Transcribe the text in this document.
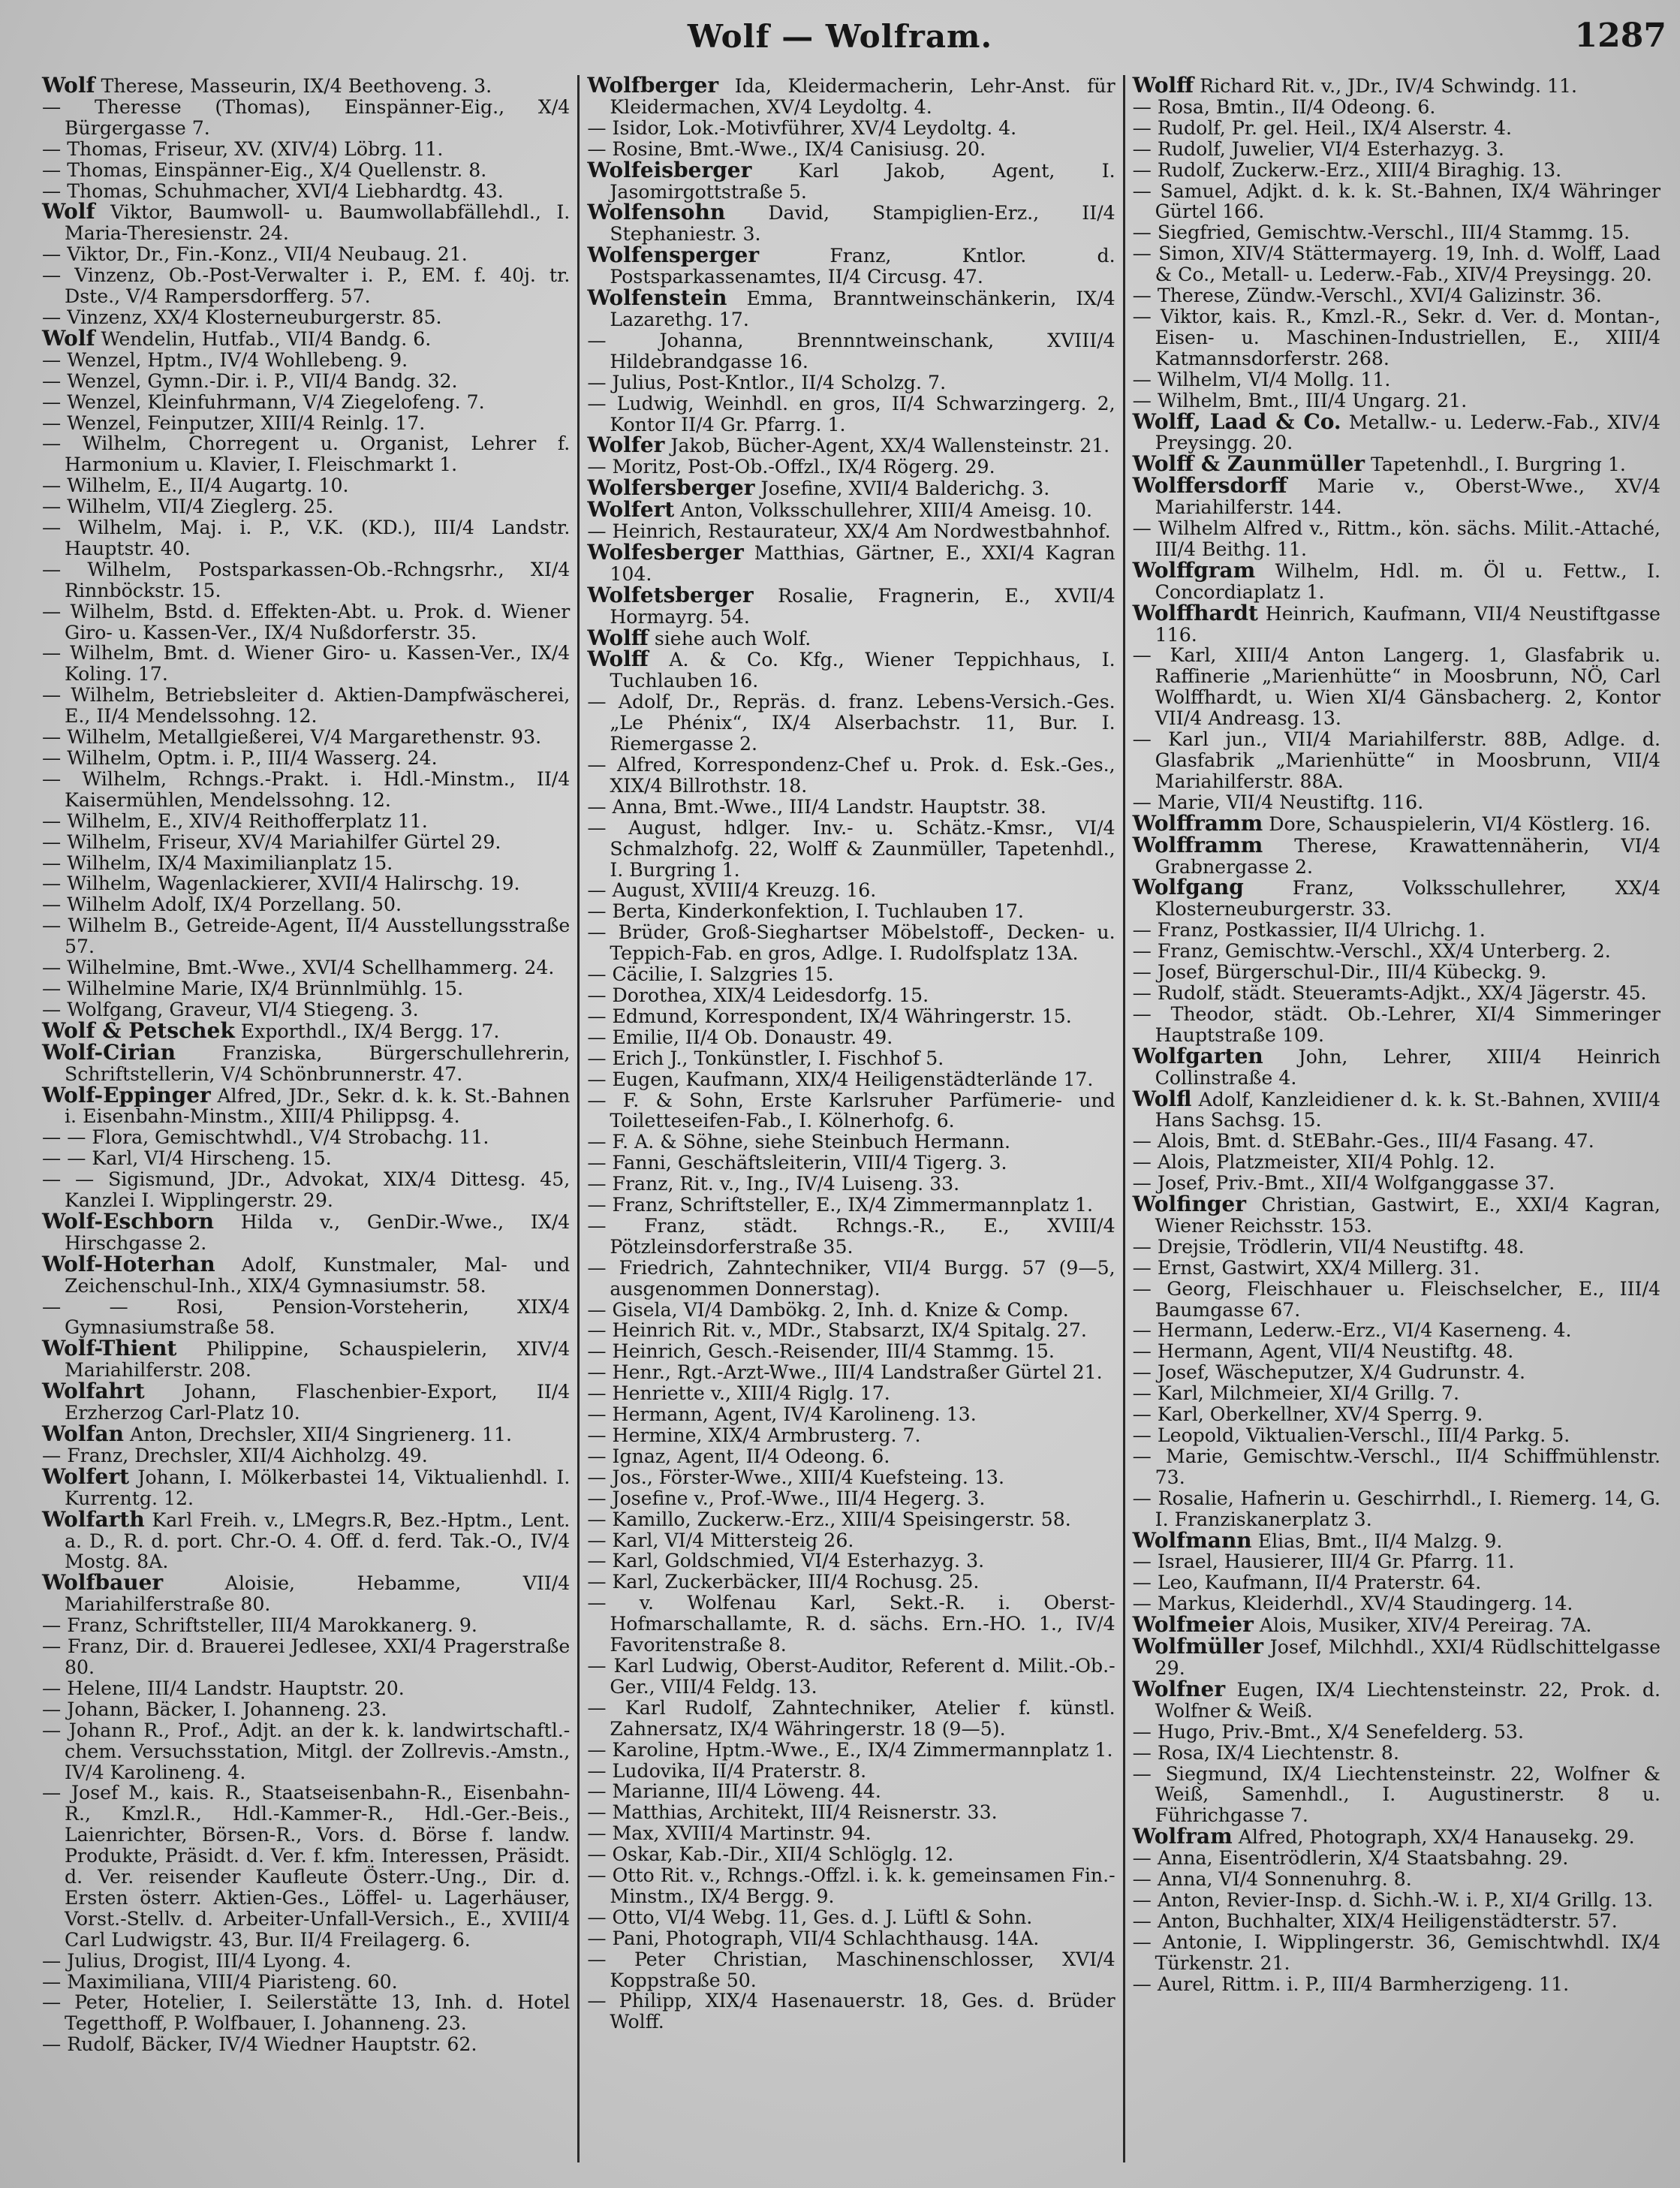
Wolf — Wolfram.	1287

Wolf Therese, Masseurin, IX/4 Beethoveng. 3.

— Theresse (Thomas), Einspänner-Eig., X/4 Bürgergasse 7.

— Thomas, Friseur, XV. (XIV/4) Löbrg. 11.

— Thomas, Einspänner-Eig., X/4 Quellenstr. 8.

— Thomas, Schuhmacher, XVI/4 Liebhardtg. 43.

Wolf Viktor, Baumwoll- u. Baumwollabfällehdl., I. Maria-Theresienstr. 24.

— Viktor, Dr., Fin.-Konz., VII/4 Neubaug. 21.

— Vinzenz, Ob.-Post-Verwalter i. P., EM. f. 40j. tr. Dste., V/4 Rampersdorfferg. 57.

— Vinzenz, XX/4 Klosterneuburgerstr. 85.

Wolf Wendelin, Hutfab., VII/4 Bandg. 6.

— Wenzel, Hptm., IV/4 Wohllebeng. 9.

— Wenzel, Gymn.-Dir. i. P., VII/4 Bandg. 32.

— Wenzel, Kleinfuhrmann, V/4 Ziegelofeng. 7.

— Wenzel, Feinputzer, XIII/4 Reinlg. 17.

— Wilhelm, Chorregent u. Organist, Lehrer f. Harmonium u. Klavier, I. Fleischmarkt 1.

— Wilhelm, E., II/4 Augartg. 10.

— Wilhelm, VII/4 Zieglerg. 25.

— Wilhelm, Maj. i. P., V.K. (KD.), III/4 Landstr. Hauptstr. 40.

— Wilhelm, Postsparkassen-Ob.-Rchngsrhr., XI/4 Rinnböckstr. 15.

— Wilhelm, Bstd. d. Effekten-Abt. u. Prok. d. Wiener Giro- u. Kassen-Ver., IX/4 Nußdorferstr. 35.

— Wilhelm, Bmt. d. Wiener Giro- u. Kassen-Ver., IX/4 Koling. 17.

— Wilhelm, Betriebsleiter d. Aktien-Dampfwäscherei, E., II/4 Mendelssohng. 12.

— Wilhelm, Metallgießerei, V/4 Margarethenstr. 93.

— Wilhelm, Optm. i. P., III/4 Wasserg. 24.

— Wilhelm, Rchngs.-Prakt. i. Hdl.-Minstm., II/4 Kaisermühlen, Mendelssohng. 12.

— Wilhelm, E., XIV/4 Reithofferplatz 11.

— Wilhelm, Friseur, XV/4 Mariahilfer Gürtel 29.

— Wilhelm, IX/4 Maximilianplatz 15.

— Wilhelm, Wagenlackierer, XVII/4 Halirschg. 19.

— Wilhelm Adolf, IX/4 Porzellang. 50.

— Wilhelm B., Getreide-Agent, II/4 Ausstellungsstraße 57.

— Wilhelmine, Bmt.-Wwe., XVI/4 Schellhammerg. 24.

— Wilhelmine Marie, IX/4 Brünnlmühlg. 15.

— Wolfgang, Graveur, VI/4 Stiegeng. 3.

Wolf & Petschek Exporthdl., IX/4 Bergg. 17.

Wolf-Cirian Franziska, Bürgerschullehrerin, Schriftstellerin, V/4 Schönbrunnerstr. 47.

Wolf-Eppinger Alfred, JDr., Sekr. d. k. k. St.-Bahnen i. Eisenbahn-Minstm., XIII/4 Philippsg. 4.

— — Flora, Gemischtwhdl., V/4 Strobachg. 11.

— — Karl, VI/4 Hirscheng. 15.

— — Sigismund, JDr., Advokat, XIX/4 Dittesg. 45, Kanzlei I. Wipplingerstr. 29.

Wolf-Eschborn Hilda v., GenDir.-Wwe., IX/4 Hirschgasse 2.

Wolf-Hoterhan Adolf, Kunstmaler, Mal- und Zeichenschul-Inh., XIX/4 Gymnasiumstr. 58.

— — Rosi, Pension-Vorsteherin, XIX/4 Gymnasiumstraße 58.

Wolf-Thient Philippine, Schauspielerin, XIV/4 Mariahilferstr. 208.

Wolfahrt Johann, Flaschenbier-Export, II/4 Erzherzog Carl-Platz 10.

Wolfan Anton, Drechsler, XII/4 Singrienerg. 11.

— Franz, Drechsler, XII/4 Aichholzg. 49.

Wolfert Johann, I. Mölkerbastei 14, Viktualienhdl. I. Kurrentg. 12.

Wolfarth Karl Freih. v., LMegrs.R, Bez.-Hptm., Lent. a. D., R. d. port. Chr.-O. 4. Off. d. ferd. Tak.-O., IV/4 Mostg. 8A.

Wolfbauer	Aloisie, Hebamme, VII/4 Mariahilferstraße 80.

— Franz, Schriftsteller, III/4 Marokkanerg. 9.

— Franz, Dir. d. Brauerei Jedlesee, XXI/4 Pragerstraße 80.

— Helene, III/4 Landstr. Hauptstr. 20.

— Johann, Bäcker, I. Johanneng. 23.

— Johann R., Prof., Adjt. an der k. k. landwirtschaftl.-chem. Versuchsstation, Mitgl. der Zollrevis.-Amstn., IV/4 Karolineng. 4.

— Josef M., kais. R., Staatseisenbahn-R., Eisenbahn-R., Kmzl.R., Hdl.-Kammer-R., Hdl.-Ger.-Beis., Laienrichter, Börsen-R., Vors. d. Börse f. landw. Produkte, Präsidt. d. Ver. f. kfm. Interessen, Präsidt. d. Ver. reisender Kaufleute Österr.-Ung., Dir. d. Ersten österr. Aktien-Ges., Löffel- u. Lagerhäuser, Vorst.-Stellv. d. Arbeiter-Unfall-Versich., E., XVIII/4 Carl Ludwigstr. 43, Bur. II/4 Freilagerg. 6.

— Julius, Drogist, III/4 Lyong. 4.

— Maximiliana, VIII/4 Piaristeng. 60.

— Peter, Hotelier, I. Seilerstätte 13, Inh. d. Hotel Tegetthoff, P. Wolfbauer, I. Johanneng. 23.

— Rudolf, Bäcker, IV/4 Wiedner Hauptstr. 62.

Wolfberger Ida, Kleidermacherin, Lehr-Anst. für Kleidermachen, XV/4 Leydoltg. 4.

— Isidor, Lok.-Motivführer, XV/4 Leydoltg. 4.

— Rosine, Bmt.-Wwe., IX/4 Canisiusg. 20.

Wolfeisberger Karl Jakob, Agent, I. Jasomirgottstraße 5.

Wolfensohn David, Stampiglien-Erz., II/4 Stephaniestr. 3.

Wolfensperger	Franz, Kntlor. d. Postsparkassenamtes, II/4 Circusg. 47.

Wolfenstein Emma, Branntweinschänkerin, IX/4 Lazarethg. 17.

— Johanna, Brennntweinschank, XVIII/4 Hildebrandgasse 16.

— Julius, Post-Kntlor., II/4 Scholzg. 7.

— Ludwig, Weinhdl. en gros, II/4 Schwarzingerg. 2, Kontor II/4 Gr. Pfarrg. 1.

Wolfer Jakob, Bücher-Agent, XX/4 Wallensteinstr. 21.

— Moritz, Post-Ob.-Offzl., IX/4 Rögerg. 29.

Wolfersberger Josefine, XVII/4 Balderichg. 3.

Wolfert Anton, Volksschullehrer, XIII/4 Ameisg. 10.

— Heinrich, Restaurateur, XX/4 Am Nordwestbahnhof.

Wolfesberger Matthias, Gärtner, E., XXI/4 Kagran 104.

Wolfetsberger Rosalie, Fragnerin, E., XVII/4 Hormayrg. 54.

Wolff siehe auch Wolf.

Wolff A. & Co. Kfg., Wiener Teppichhaus, I. Tuchlauben 16.

— Adolf, Dr., Repräs. d. franz. Lebens-Versich.-Ges. „Le Phénix“, IX/4 Alserbachstr. 11, Bur. I. Riemergasse 2.

— Alfred, Korrespondenz-Chef u. Prok. d. Esk.-Ges., XIX/4 Billrothstr. 18.

— Anna, Bmt.-Wwe., III/4 Landstr. Hauptstr. 38.

— August, hdlger. Inv.- u. Schätz.-Kmsr., VI/4 Schmalzhofg. 22, Wolff & Zaunmüller, Tapetenhdl., I. Burgring 1.

— August, XVIII/4 Kreuzg. 16.

— Berta, Kinderkonfektion, I. Tuchlauben 17.

— Brüder, Groß-Sieghartser Möbelstoff-, Decken- u. Teppich-Fab. en gros, Adlge. I. Rudolfsplatz 13A.

— Cäcilie, I. Salzgries 15.

— Dorothea, XIX/4 Leidesdorfg. 15.

— Edmund, Korrespondent, IX/4 Währingerstr. 15.

— Emilie, II/4 Ob. Donaustr. 49.

— Erich J., Tonkünstler, I. Fischhof 5.

— Eugen, Kaufmann, XIX/4 Heiligenstädterlände 17.

— F. & Sohn, Erste Karlsruher Parfümerie- und Toiletteseifen-Fab., I. Kölnerhofg. 6.

— F. A. & Söhne, siehe Steinbuch Hermann.

— Fanni, Geschäftsleiterin, VIII/4 Tigerg. 3.

— Franz, Rit. v., Ing., IV/4 Luiseng. 33.

— Franz, Schriftsteller, E., IX/4 Zimmermannplatz 1.

— Franz, städt. Rchngs.-R., E., XVIII/4 Pötzleinsdorferstraße 35.

— Friedrich, Zahntechniker, VII/4 Burgg. 57 (9—5, ausgenommen Donnerstag).

— Gisela, VI/4 Dambökg. 2, Inh. d. Knize & Comp.

— Heinrich Rit. v., MDr., Stabsarzt, IX/4 Spitalg. 27.

— Heinrich, Gesch.-Reisender, III/4 Stammg. 15.

— Henr., Rgt.-Arzt-Wwe., III/4 Landstraßer Gürtel 21.

— Henriette v., XIII/4 Riglg. 17.

— Hermann, Agent, IV/4 Karolineng. 13.

— Hermine, XIX/4 Armbrusterg. 7.

— Ignaz, Agent, II/4 Odeong. 6.

— Jos., Förster-Wwe., XIII/4 Kuefsteing. 13.

— Josefine v., Prof.-Wwe., III/4 Hegerg. 3.

— Kamillo, Zuckerw.-Erz., XIII/4 Speisingerstr. 58.

— Karl, VI/4 Mittersteig 26.

— Karl, Goldschmied, VI/4 Esterhazyg. 3.

— Karl, Zuckerbäcker, III/4 Rochusg. 25.

— v. Wolfenau Karl, Sekt.-R. i. Oberst-Hofmarschallamte, R. d. sächs. Ern.-HO. 1., IV/4 Favoritenstraße 8.

— Karl Ludwig, Oberst-Auditor, Referent d. Milit.-Ob.-Ger., VIII/4 Feldg. 13.

— Karl Rudolf, Zahntechniker, Atelier f. künstl. Zahnersatz, IX/4 Währingerstr. 18 (9—5).

— Karoline, Hptm.-Wwe., E., IX/4 Zimmermannplatz 1.

— Ludovika, II/4 Praterstr. 8.

— Marianne, III/4 Löweng. 44.

— Matthias, Architekt, III/4 Reisnerstr. 33.

— Max, XVIII/4 Martinstr. 94.

— Oskar, Kab.-Dir., XII/4 Schlöglg. 12.

— Otto Rit. v., Rchngs.-Offzl. i. k. k. gemeinsamen Fin.-Minstm., IX/4 Bergg. 9.

— Otto, VI/4 Webg. 11, Ges. d. J. Lüftl & Sohn.

— Pani, Photograph, VII/4 Schlachthausg. 14A.

— Peter Christian, Maschinenschlosser, XVI/4 Koppstraße 50.

— Philipp, XIX/4 Hasenauerstr. 18, Ges. d. Brüder Wolff.

Wolff Richard Rit. v., JDr., IV/4 Schwindg. 11.

— Rosa, Bmtin., II/4 Odeong. 6.

— Rudolf, Pr. gel. Heil., IX/4 Alserstr. 4.

— Rudolf, Juwelier, VI/4 Esterhazyg. 3.

— Rudolf, Zuckerw.-Erz., XIII/4 Biraghig. 13.

— Samuel, Adjkt. d. k. k. St.-Bahnen, IX/4 Währinger Gürtel 166.

— Siegfried, Gemischtw.-Verschl., III/4 Stammg. 15.

— Simon, XIV/4 Stättermayerg. 19, Inh. d. Wolff, Laad & Co., Metall- u. Lederw.-Fab., XIV/4 Preysingg. 20.

— Therese, Zündw.-Verschl., XVI/4 Galizinstr. 36.

— Viktor, kais. R., Kmzl.-R., Sekr. d. Ver. d. Montan-, Eisen- u. Maschinen-Industriellen, E., XIII/4 Katmannsdorferstr. 268.

— Wilhelm, VI/4 Mollg. 11.

— Wilhelm, Bmt., III/4 Ungarg. 21.

Wolff, Laad & Co. Metallw.- u. Lederw.-Fab., XIV/4 Preysingg. 20.

Wolff & Zaunmüller Tapetenhdl., I. Burgring 1.

Wolffersdorff Marie v., Oberst-Wwe., XV/4 Mariahilferstr. 144.

— Wilhelm Alfred v., Rittm., kön. sächs. Milit.-Attaché, III/4 Beithg. 11.

Wolffgram Wilhelm, Hdl. m. Öl u. Fettw., I. Concordiaplatz 1.

Wolffhardt Heinrich, Kaufmann, VII/4 Neustiftgasse 116.

— Karl, XIII/4 Anton Langerg. 1, Glasfabrik u. Raffinerie „Marienhütte“ in Moosbrunn, NÖ, Carl Wolffhardt, u. Wien XI/4 Gänsbacherg. 2, Kontor VII/4 Andreasg. 13.

— Karl jun., VII/4 Mariahilferstr. 88B, Adlge. d. Glasfabrik „Marienhütte“ in Moosbrunn, VII/4 Mariahilferstr. 88A.

— Marie, VII/4 Neustiftg. 116.

Wolfframm Dore, Schauspielerin, VI/4 Köstlerg. 16.

Wolfframm Therese, Krawattennäherin, VI/4 Grabnergasse 2.

Wolfgang	Franz, Volksschullehrer, XX/4 Klosterneuburgerstr. 33.

— Franz, Postkassier, II/4 Ulrichg. 1.

— Franz, Gemischtw.-Verschl., XX/4 Unterberg. 2.

— Josef, Bürgerschul-Dir., III/4 Kübeckg. 9.

— Rudolf, städt. Steueramts-Adjkt., XX/4 Jägerstr. 45.

— Theodor, städt. Ob.-Lehrer, XI/4 Simmeringer Hauptstraße 109.

Wolfgarten John, Lehrer, XIII/4 Heinrich Collinstraße 4.

Wolfl Adolf, Kanzleidiener d. k. k. St.-Bahnen, XVIII/4 Hans Sachsg. 15.

— Alois, Bmt. d. StEBahr.-Ges., III/4 Fasang. 47.

— Alois, Platzmeister, XII/4 Pohlg. 12.

— Josef, Priv.-Bmt., XII/4 Wolfganggasse 37.

Wolfinger Christian, Gastwirt, E., XXI/4 Kagran, Wiener Reichsstr. 153.

— Drejsie, Trödlerin, VII/4 Neustiftg. 48.

— Ernst, Gastwirt, XX/4 Millerg. 31.

— Georg, Fleischhauer u. Fleischselcher, E., III/4 Baumgasse 67.

— Hermann, Lederw.-Erz., VI/4 Kaserneng. 4.

— Hermann, Agent, VII/4 Neustiftg. 48.

— Josef, Wäscheputzer, X/4 Gudrunstr. 4.

— Karl, Milchmeier, XI/4 Grillg. 7.

— Karl, Oberkellner, XV/4 Sperrg. 9.

— Leopold, Viktualien-Verschl., III/4 Parkg. 5.

— Marie, Gemischtw.-Verschl., II/4 Schiffmühlenstr. 73.

— Rosalie, Hafnerin u. Geschirrhdl., I. Riemerg. 14, G. I. Franziskanerplatz 3.

Wolfmann Elias, Bmt., II/4 Malzg. 9.

— Israel, Hausierer, III/4 Gr. Pfarrg. 11.

— Leo, Kaufmann, II/4 Praterstr. 64.

— Markus, Kleiderhdl., XV/4 Staudingerg. 14.

Wolfmeier Alois, Musiker, XIV/4 Pereirag. 7A.

Wolfmüller Josef, Milchhdl., XXI/4 Rüdlschittelgasse 29.

Wolfner Eugen, IX/4 Liechtensteinstr. 22, Prok. d. Wolfner & Weiß.

— Hugo, Priv.-Bmt., X/4 Senefelderg. 53.

— Rosa, IX/4 Liechtenstr. 8.

— Siegmund, IX/4 Liechtensteinstr. 22, Wolfner & Weiß, Samenhdl., I. Augustinerstr. 8 u. Führichgasse 7.

Wolfram Alfred, Photograph, XX/4 Hanausekg. 29.

— Anna, Eisentrödlerin, X/4 Staatsbahng. 29.

— Anna, VI/4 Sonnenuhrg. 8.

— Anton, Revier-Insp. d. Sichh.-W. i. P., XI/4 Grillg. 13.

— Anton, Buchhalter, XIX/4 Heiligenstädterstr. 57.

— Antonie, I. Wipplingerstr. 36, Gemischtwhdl. IX/4 Türkenstr. 21.

— Aurel, Rittm. i. P., III/4 Barmherzigeng. 11.
